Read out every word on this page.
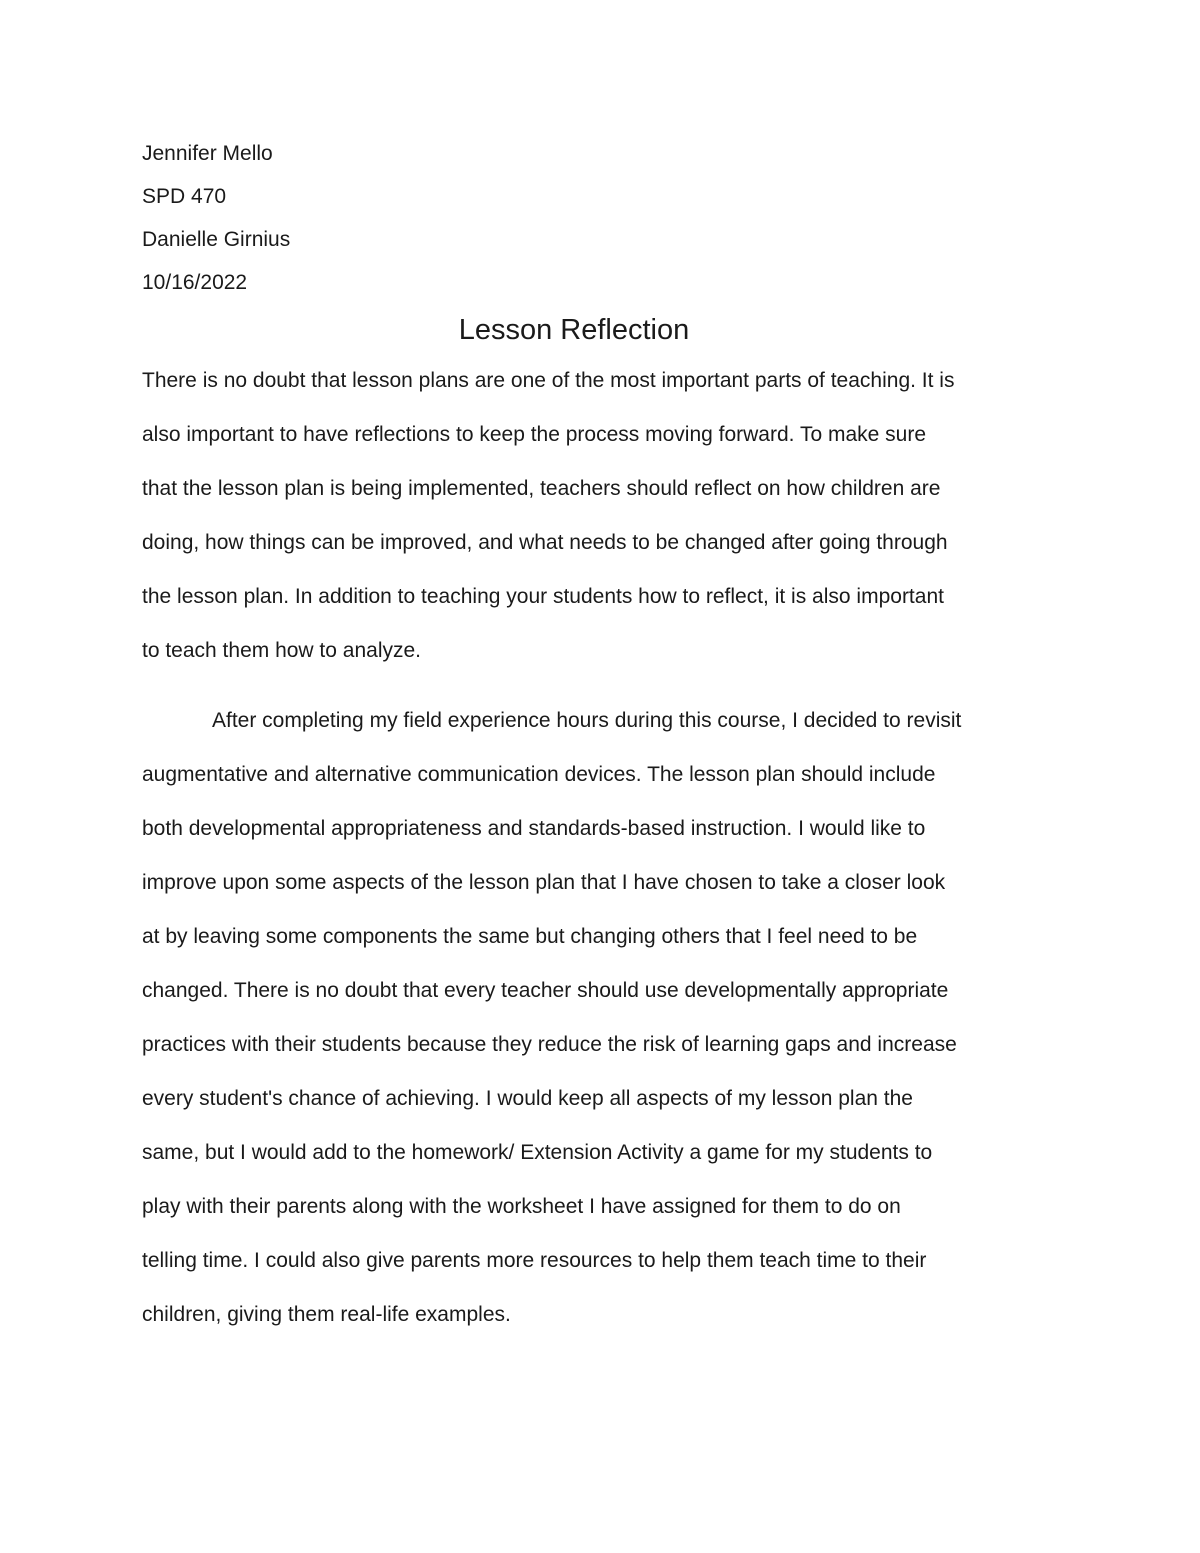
Jennifer Mello
SPD 470
Danielle Girnius
10/16/2022
Lesson Reflection
There is no doubt that lesson plans are one of the most important parts of teaching. It is
also important to have reflections to keep the process moving forward. To make sure
that the lesson plan is being implemented, teachers should reflect on how children are
doing, how things can be improved, and what needs to be changed after going through
the lesson plan. In addition to teaching your students how to reflect, it is also important
to teach them how to analyze.
After completing my field experience hours during this course, I decided to revisit
augmentative and alternative communication devices. The lesson plan should include
both developmental appropriateness and standards-based instruction. I would like to
improve upon some aspects of the lesson plan that I have chosen to take a closer look
at by leaving some components the same but changing others that I feel need to be
changed. There is no doubt that every teacher should use developmentally appropriate
practices with their students because they reduce the risk of learning gaps and increase
every student's chance of achieving. I would keep all aspects of my lesson plan the
same, but I would add to the homework/ Extension Activity a game for my students to
play with their parents along with the worksheet I have assigned for them to do on
telling time. I could also give parents more resources to help them teach time to their
children, giving them real-life examples.
